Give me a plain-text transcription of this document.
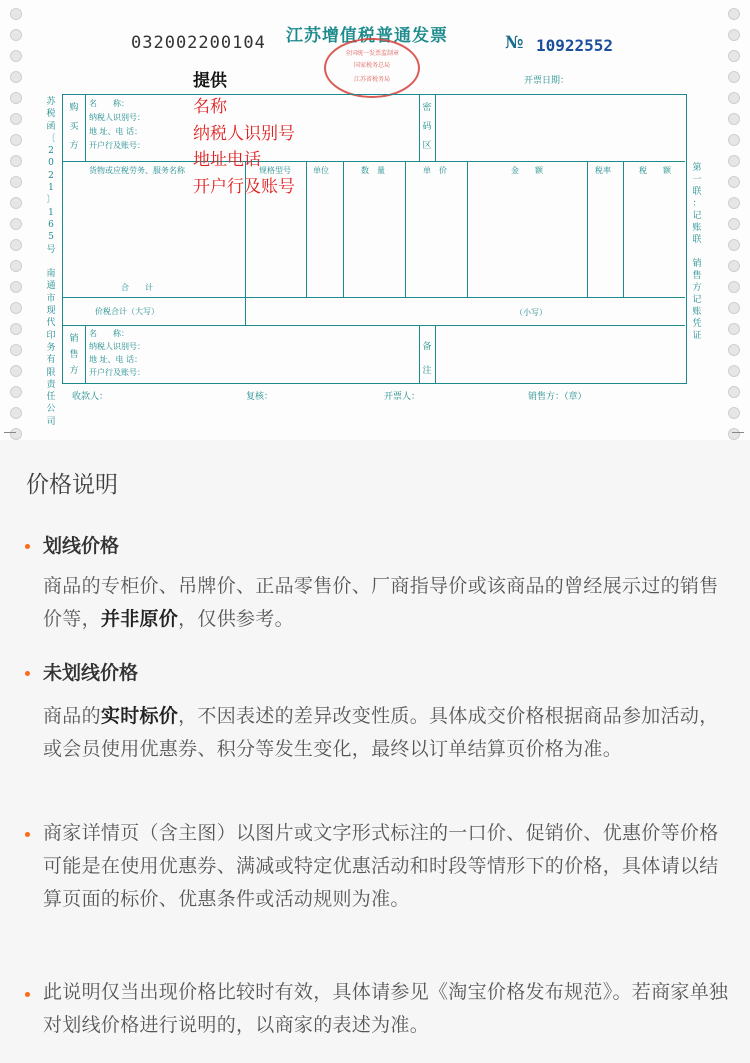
032002200104 江苏增值税普通发票
全国统一发票监制章
国家税务总局
江苏省税务局
№ 10922552
开票日期：
苏
税
函
〔
2
0
2
1
〕
1
6
5
号

南
通
市
现
代
印
务
有
限
责
任
公
司
第
一
联
：
记
账
联

销
售
方
记
账
凭
证
购买方
名　　称：
纳税人识别号：
地 址、电 话：
开户行及账号：
密码区
货物或应税劳务、服务名称	规格型号	单位	数　量	单　价	金　　额	税率	税　　额
合　　计
价税合计（大写）	（小写）
销售方
名　　称：
纳税人识别号：
地 址、电 话：
开户行及账号：
备注
收款人：	复核：	开票人：	销售方：（章）
提供
名称
纳税人识别号
地址电话
开户行及账号
价格说明
划线价格
商品的专柜价、吊牌价、正品零售价、厂商指导价或该商品的曾经展示过的销售价等，并非原价，仅供参考。
未划线价格
商品的实时标价，不因表述的差异改变性质。具体成交价格根据商品参加活动，或会员使用优惠券、积分等发生变化，最终以订单结算页价格为准。
商家详情页（含主图）以图片或文字形式标注的一口价、促销价、优惠价等价格可能是在使用优惠券、满减或特定优惠活动和时段等情形下的价格，具体请以结算页面的标价、优惠条件或活动规则为准。
此说明仅当出现价格比较时有效，具体请参见《淘宝价格发布规范》。若商家单独对划线价格进行说明的，以商家的表述为准。
